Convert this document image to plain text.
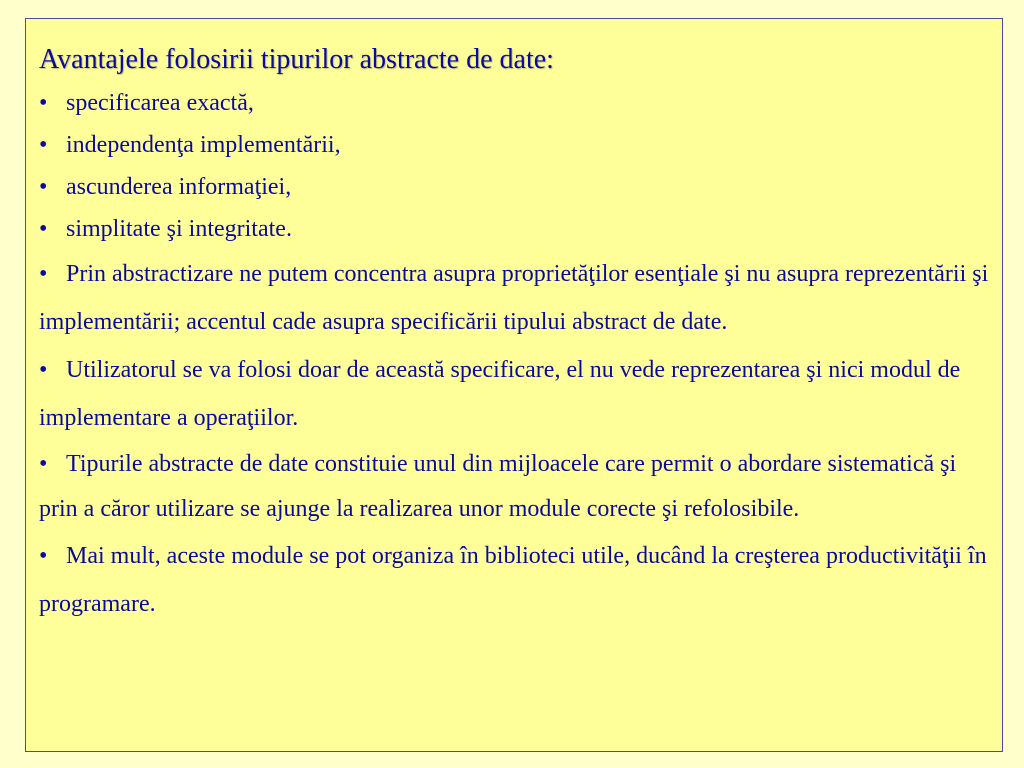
Avantajele folosirii tipurilor abstracte de date:
• specificarea exactă,
• independenţa implementării,
• ascunderea informaţiei,
• simplitate şi integritate.

• Prin abstractizare ne putem concentra asupra proprietăţilor esenţiale şi nu asupra reprezentării şi implementării; accentul cade asupra specificării tipului abstract de date.

• Utilizatorul se va folosi doar de această specificare, el nu vede reprezentarea şi nici modul de implementare a operaţiilor.

• Tipurile abstracte de date constituie unul din mijloacele care permit o abordare sistematică şi prin a căror utilizare se ajunge la realizarea unor module corecte şi refolosibile.

• Mai mult, aceste module se pot organiza în biblioteci utile, ducând la creşterea productivităţii în programare.
